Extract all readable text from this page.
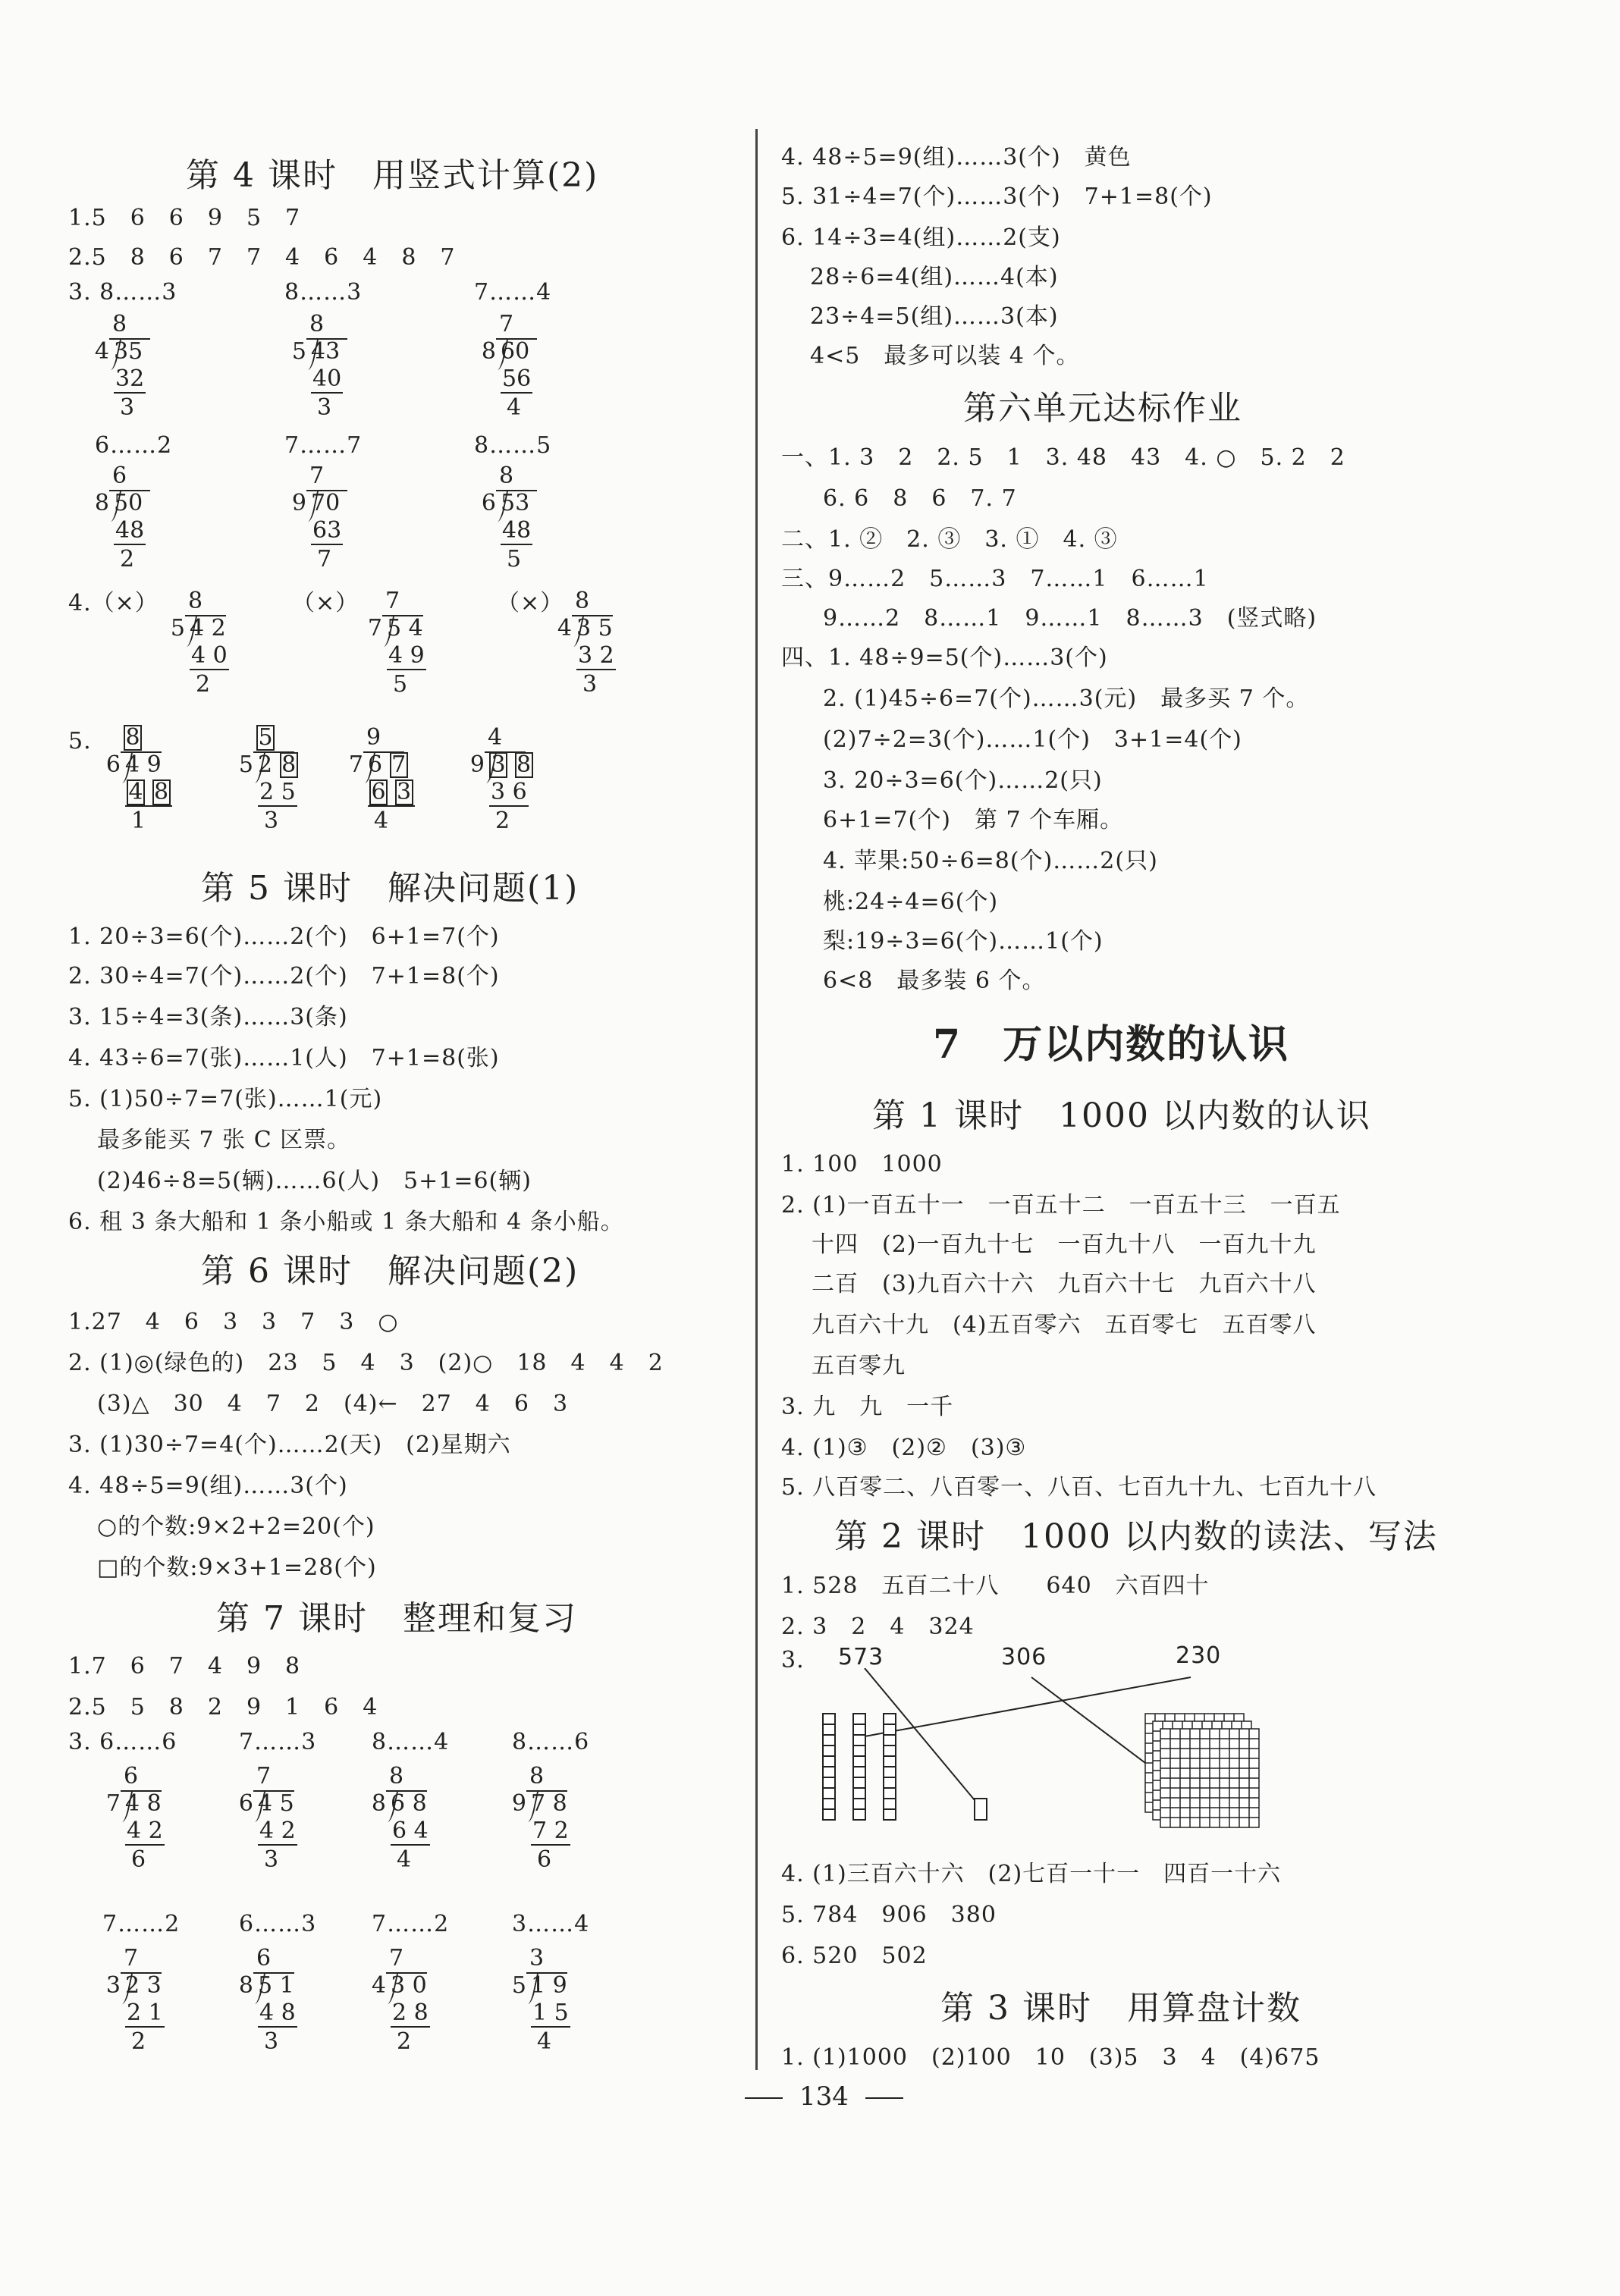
第 4 课时　用竖式计算(2)
1.5　6　6　9　5　7
2.5　8　6　7　7　4　6　4　8　7
3. 8……3	8……3	7……4
6……2	7……7	8……5
4.（×）	（×）	（×）
5.
第 5 课时　解决问题(1)
1. 20÷3=6(个)……2(个)　6+1=7(个)
2. 30÷4=7(个)……2(个)　7+1=8(个)
3. 15÷4=3(条)……3(条)
4. 43÷6=7(张)……1(人)　7+1=8(张)
5. (1)50÷7=7(张)……1(元)
最多能买 7 张 C 区票。
(2)46÷8=5(辆)……6(人)　5+1=6(辆)
6. 租 3 条大船和 1 条小船或 1 条大船和 4 条小船。
第 6 课时　解决问题(2)
1.27　4　6　3　3　7　3　○
2. (1)◎(绿色的)　23　5　4　3　(2)○　18　4　4　2
(3)△　30　4　7　2　(4)←　27　4　6　3
3. (1)30÷7=4(个)……2(天)　(2)星期六
4. 48÷5=9(组)……3(个)
○的个数:9×2+2=20(个)
□的个数:9×3+1=28(个)
第 7 课时　整理和复习
1.7　6　7　4　9　8
2.5　5　8　2　9　1　6　4
3. 6……6	7……3 8……4	8……6
7……2	6……3 7……2	3……4
8
4 35
32
3
8
5 43
40
3
7
8 60
56
4
6
8 50
48
2
7
9 70
63
7
8
6 53
48
5
8
5 4 2
4 0
2
7
7 5 4
4 9
5
8
4 3 5
3 2
3
8
6 4 9
4 8
1
5
5 2 8
2 5
3
9
7 6 7
6 3
4
4
9 3 8
3 6
2
6
7 4 8
4 2
6
7
6 4 5
4 2
3
8
8 6 8
6 4
4
8
9 7 8
7 2
6
7
3 2 3
2 1
2
6
8 5 1
4 8
3
7
4 3 0
2 8
2
3
5 1 9
1 5
4
4. 48÷5=9(组)……3(个)　黄色
5. 31÷4=7(个)……3(个)　7+1=8(个)
6. 14÷3=4(组)……2(支)
28÷6=4(组)……4(本)
23÷4=5(组)……3(本)
4<5　最多可以装 4 个。
第六单元达标作业
一、1. 3　2　2. 5　1　3. 48　43　4. ○　5. 2　2
6. 6　8　6　7. 7
二、1. ②　2. ③　3. ①　4. ③
三、9……2　5……3　7……1　6……1
9……2　8……1　9……1　8……3　(竖式略)
四、1. 48÷9=5(个)……3(个)
2. (1)45÷6=7(个)……3(元)　最多买 7 个。
(2)7÷2=3(个)……1(个)　3+1=4(个)
3. 20÷3=6(个)……2(只)
6+1=7(个)　第 7 个车厢。
4. 苹果:50÷6=8(个)……2(只)
桃:24÷4=6(个)
梨:19÷3=6(个)……1(个)
6<8　最多装 6 个。
7　万以内数的认识
第 1 课时　1000 以内数的认识
1. 100　1000
2. (1)一百五十一　一百五十二　一百五十三　一百五
十四　(2)一百九十七　一百九十八　一百九十九
二百　(3)九百六十六　九百六十七　九百六十八
九百六十九　(4)五百零六　五百零七　五百零八
五百零九
3. 九　九　一千
4. (1)③　(2)②　(3)③
5. 八百零二、八百零一、八百、七百九十九、七百九十八
第 2 课时　1000 以内数的读法、写法
1. 528　五百二十八　　640　六百四十
2. 3　2　4　324
3. 573	306	230
4. (1)三百六十六　(2)七百一十一　四百一十六
5. 784　906　380
6. 520　502
第 3 课时　用算盘计数
1. (1)1000　(2)100　10　(3)5　3　4　(4)675
134
